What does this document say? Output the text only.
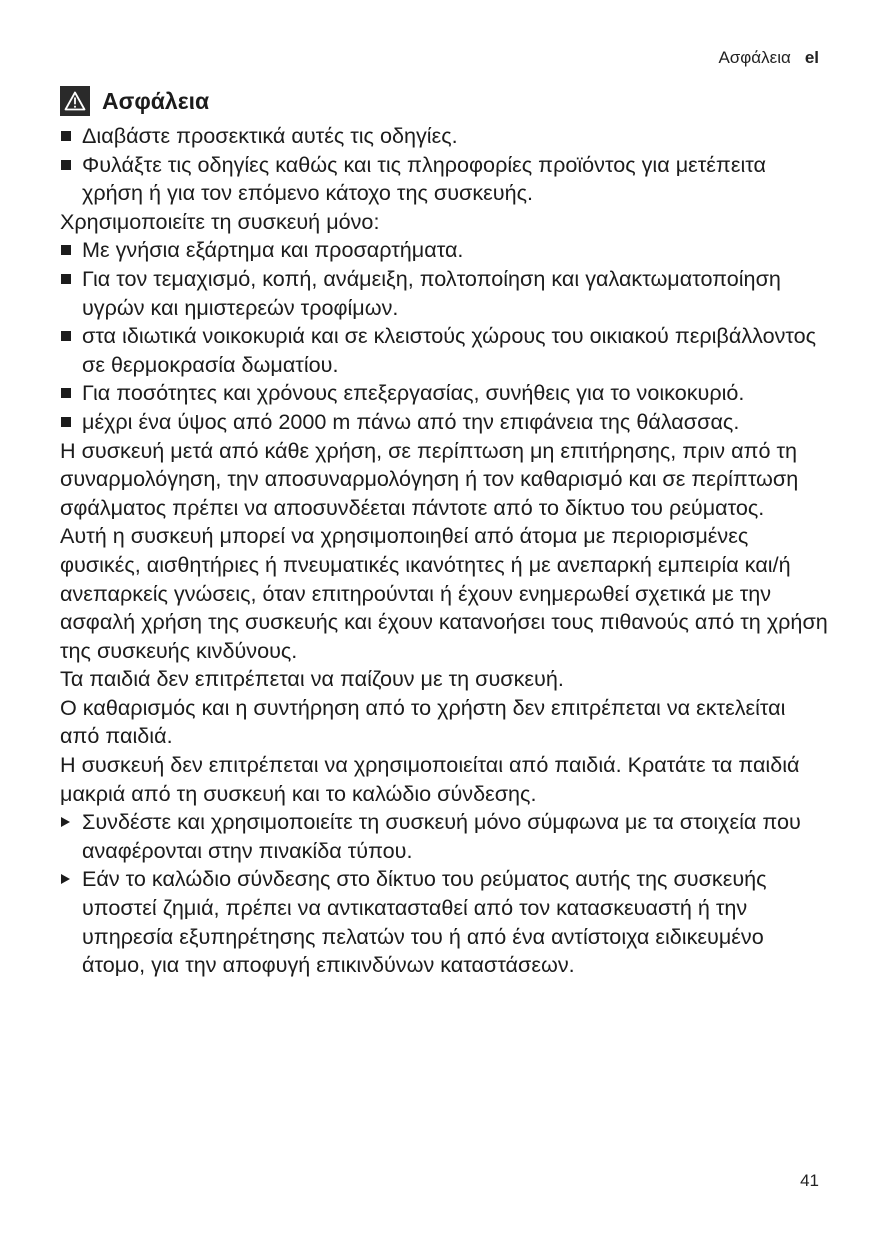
Ασφάλεια el
Ασφάλεια
Διαβάστε προσεκτικά αυτές τις οδηγίες.
Φυλάξτε τις οδηγίες καθώς και τις πληροφορίες προϊόντος για μετέπειτα χρήση ή για τον επόμενο κάτοχο της συσκευής.

Χρησιμοποιείτε τη συσκευή μόνο:

Με γνήσια εξάρτημα και προσαρτήματα.
Για τον τεμαχισμό, κοπή, ανάμειξη, πολτοποίηση και γαλακτωματοποίηση υγρών και ημιστερεών τροφίμων.
στα ιδιωτικά νοικοκυριά και σε κλειστούς χώρους του οικιακού περιβάλλοντος σε θερμοκρασία δωματίου.
Για ποσότητες και χρόνους επεξεργασίας, συνήθεις για το νοικοκυριό.
μέχρι ένα ύψος από 2000 m πάνω από την επιφάνεια της θάλασσας.

Η συσκευή μετά από κάθε χρήση, σε περίπτωση μη επιτήρησης, πριν από τη συναρμολόγηση, την αποσυναρμολόγηση ή τον καθαρισμό και σε περίπτωση σφάλματος πρέπει να αποσυνδέεται πάντοτε από το δίκτυο του ρεύματος.

Αυτή η συσκευή μπορεί να χρησιμοποιηθεί από άτομα με περιορισμένες φυσικές, αισθητήριες ή πνευματικές ικανότητες ή με ανεπαρκή εμπειρία και/ή ανεπαρκείς γνώσεις, όταν επιτηρούνται ή έχουν ενημερωθεί σχετικά με την ασφαλή χρήση της συσκευής και έχουν κατανοήσει τους πιθανούς από τη χρήση της συσκευής κινδύνους.

Τα παιδιά δεν επιτρέπεται να παίζουν με τη συσκευή.

Ο καθαρισμός και η συντήρηση από το χρήστη δεν επιτρέπεται να εκτελείται από παιδιά.

Η συσκευή δεν επιτρέπεται να χρησιμοποιείται από παιδιά. Κρατάτε τα παιδιά μακριά από τη συσκευή και το καλώδιο σύνδεσης.

Συνδέστε και χρησιμοποιείτε τη συσκευή μόνο σύμφωνα με τα στοιχεία που αναφέρονται στην πινακίδα τύπου.
Εάν το καλώδιο σύνδεσης στο δίκτυο του ρεύματος αυτής της συσκευής υποστεί ζημιά, πρέπει να αντικατασταθεί από τον κατασκευαστή ή την υπηρεσία εξυπηρέτησης πελατών του ή από ένα αντίστοιχα ειδικευμένο άτομο, για την αποφυγή επικινδύνων καταστάσεων.
41
